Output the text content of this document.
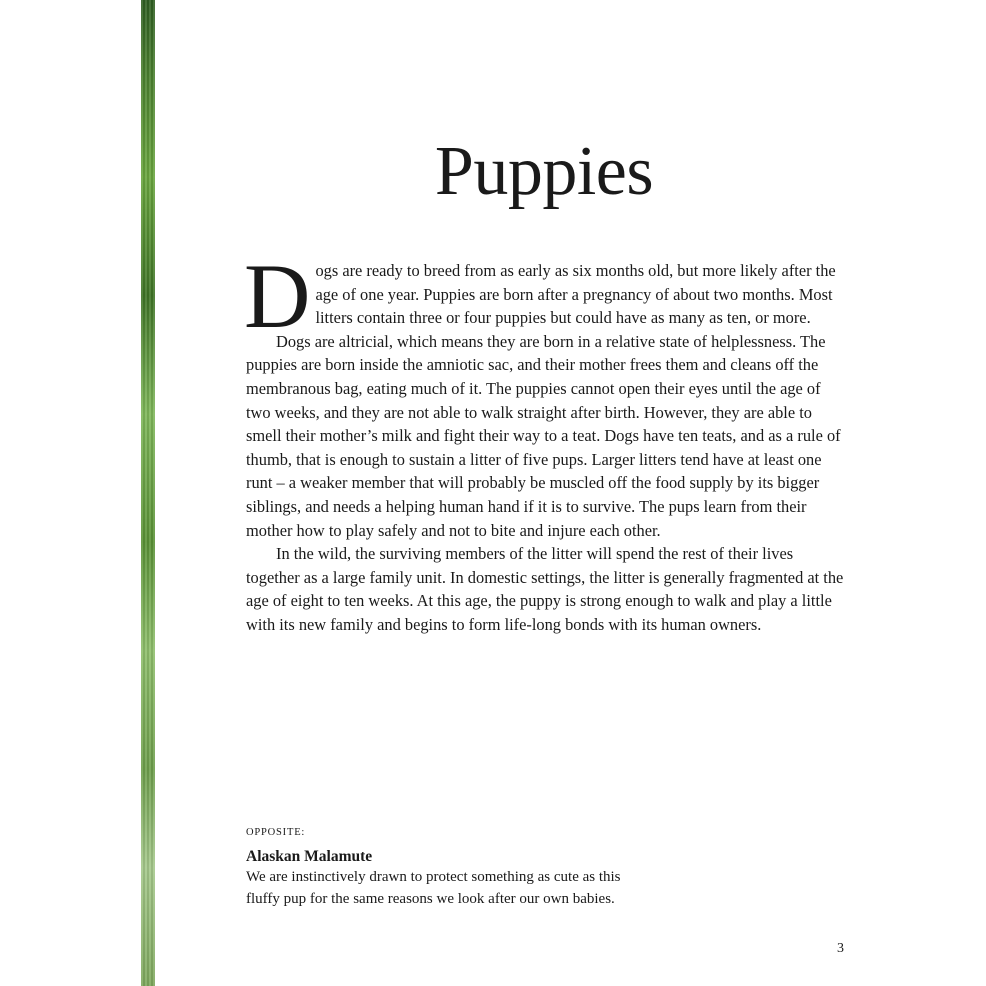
Puppies

Dogs are ready to breed from as early as six months old, but more likely after the age of one year. Puppies are born after a pregnancy of about two months. Most litters contain three or four puppies but could have as many as ten, or more.

Dogs are altricial, which means they are born in a relative state of helplessness. The puppies are born inside the amniotic sac, and their mother frees them and cleans off the membranous bag, eating much of it. The puppies cannot open their eyes until the age of two weeks, and they are not able to walk straight after birth. However, they are able to smell their mother’s milk and fight their way to a teat. Dogs have ten teats, and as a rule of thumb, that is enough to sustain a litter of five pups. Larger litters tend have at least one runt – a weaker member that will probably be muscled off the food supply by its bigger siblings, and needs a helping human hand if it is to survive. The pups learn from their mother how to play safely and not to bite and injure each other.

In the wild, the surviving members of the litter will spend the rest of their lives together as a large family unit. In domestic settings, the litter is generally fragmented at the age of eight to ten weeks. At this age, the puppy is strong enough to walk and play a little with its new family and begins to form life-long bonds with its human owners.

OPPOSITE:
Alaskan Malamute
We are instinctively drawn to protect something as cute as this fluffy pup for the same reasons we look after our own babies.
3
